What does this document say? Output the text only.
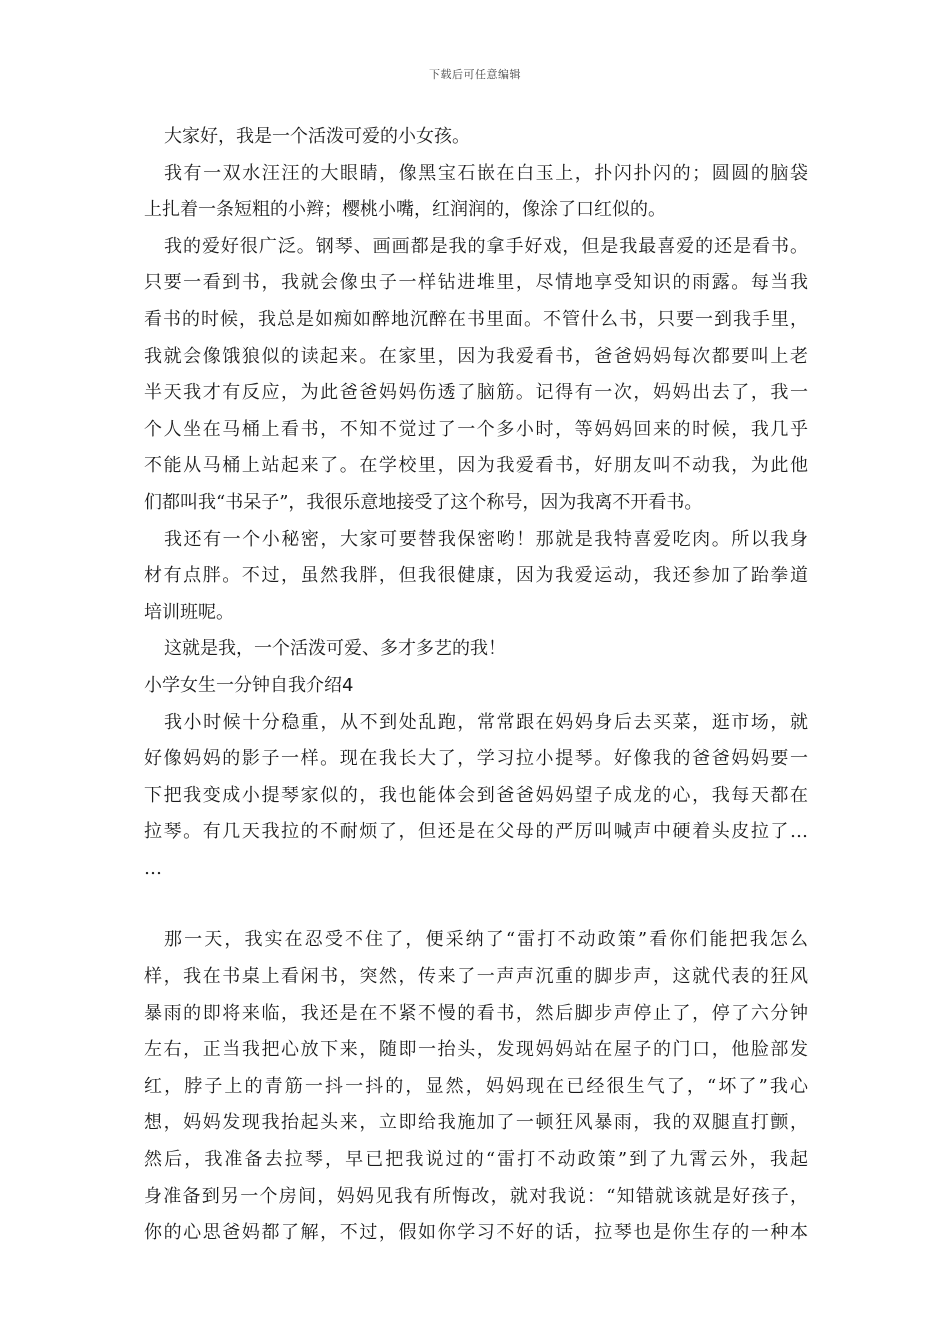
下载后可任意编辑
大家好，我是一个活泼可爱的小女孩。
我有一双水汪汪的大眼睛，像黑宝石嵌在白玉上，扑闪扑闪的；圆圆的脑袋
上扎着一条短粗的小辫；樱桃小嘴，红润润的，像涂了口红似的。
我的爱好很广泛。钢琴、画画都是我的拿手好戏，但是我最喜爱的还是看书。
只要一看到书，我就会像虫子一样钻进堆里，尽情地享受知识的雨露。每当我
看书的时候，我总是如痴如醉地沉醉在书里面。不管什么书，只要一到我手里，
我就会像饿狼似的读起来。在家里，因为我爱看书，爸爸妈妈每次都要叫上老
半天我才有反应，为此爸爸妈妈伤透了脑筋。记得有一次，妈妈出去了，我一
个人坐在马桶上看书，不知不觉过了一个多小时，等妈妈回来的时候，我几乎
不能从马桶上站起来了。在学校里，因为我爱看书，好朋友叫不动我，为此他
们都叫我“书呆子”，我很乐意地接受了这个称号，因为我离不开看书。
我还有一个小秘密，大家可要替我保密哟！那就是我特喜爱吃肉。所以我身
材有点胖。不过，虽然我胖，但我很健康，因为我爱运动，我还参加了跆拳道
培训班呢。
这就是我，一个活泼可爱、多才多艺的我！
小学女生一分钟自我介绍4
我小时候十分稳重，从不到处乱跑，常常跟在妈妈身后去买菜，逛市场，就
好像妈妈的影子一样。现在我长大了，学习拉小提琴。好像我的爸爸妈妈要一
下把我变成小提琴家似的，我也能体会到爸爸妈妈望子成龙的心，我每天都在
拉琴。有几天我拉的不耐烦了，但还是在父母的严厉叫喊声中硬着头皮拉了…
…
那一天，我实在忍受不住了，便采纳了“雷打不动政策”看你们能把我怎么
样，我在书桌上看闲书，突然，传来了一声声沉重的脚步声，这就代表的狂风
暴雨的即将来临，我还是在不紧不慢的看书，然后脚步声停止了，停了六分钟
左右，正当我把心放下来，随即一抬头，发现妈妈站在屋子的门口，他脸部发
红，脖子上的青筋一抖一抖的，显然，妈妈现在已经很生气了，“坏了”我心
想，妈妈发现我抬起头来，立即给我施加了一顿狂风暴雨，我的双腿直打颤，
然后，我准备去拉琴，早已把我说过的“雷打不动政策”到了九霄云外，我起
身准备到另一个房间，妈妈见我有所悔改，就对我说：“知错就该就是好孩子，
你的心思爸妈都了解，不过，假如你学习不好的话，拉琴也是你生存的一种本
